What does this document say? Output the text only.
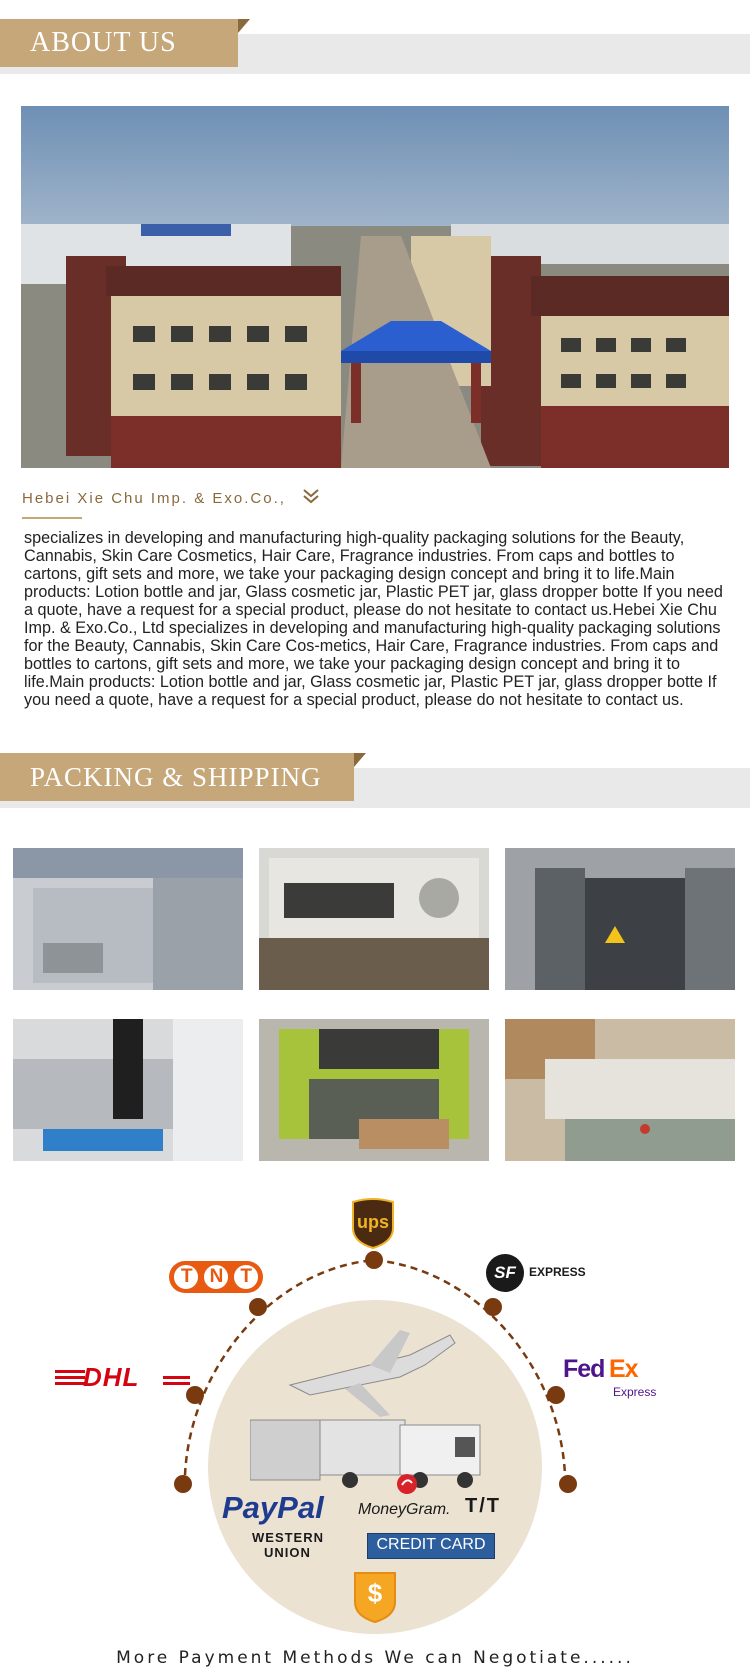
ABOUT US
Hebei Xie Chu Imp. & Exo.Co.,
specializes in developing and manufacturing high-quality packaging solutions for the Beauty, Cannabis, Skin Care Cosmetics, Hair Care, Fragrance industries. From caps and bottles to cartons, gift sets and more, we take your packaging design concept and bring it to life.Main products: Lotion bottle and jar, Glass cosmetic jar, Plastic PET jar, glass dropper botte If you need a quote, have a request for a special product, please do not hesitate to contact us.Hebei Xie Chu Imp. & Exo.Co., Ltd specializes in developing and manufacturing high-quality packaging solutions for the Beauty, Cannabis, Skin Care Cos-metics, Hair Care, Fragrance industries. From caps and bottles to cartons, gift sets and more, we take your packaging design concept and bring it to life.Main products: Lotion bottle and jar, Glass cosmetic jar, Plastic PET jar, glass dropper botte If you need a quote, have a request for a special product, please do not hesitate to contact us.
PACKING & SHIPPING
ups
TNT	SF	EXPRESS
DHL	Fed Ex
Express
PayPal MoneyGram. T/T
WESTERN
UNION	CREDIT CARD
$
More Payment Methods We can Negotiate......
